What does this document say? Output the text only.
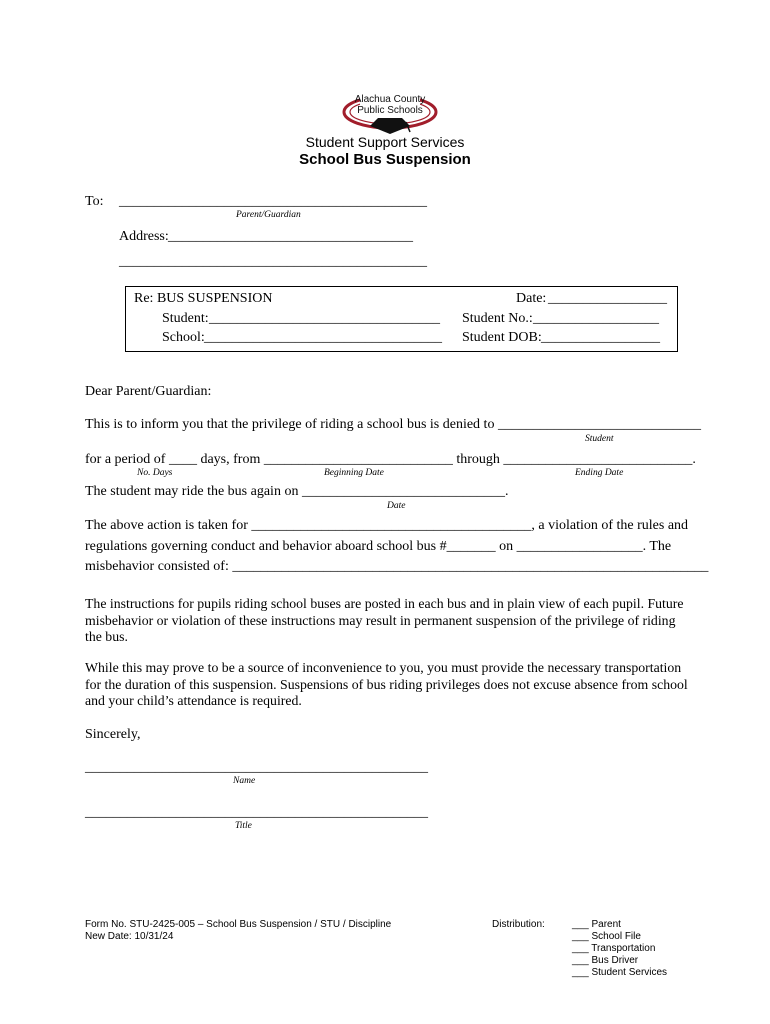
Alachua County
Public Schools
Student Support Services
School Bus Suspension
To: ____________________________________________
Parent/Guardian
Address: ___________________________________
____________________________________________
Re: BUS SUSPENSION	Date: _________________
Student: _________________________________ Student No.: __________________
School: __________________________________ Student DOB: _________________
Dear Parent/Guardian:
This is to inform you that the privilege of riding a school bus is denied to _____________________________
Student
for a period of ____ days, from ___________________________ through ___________________________.
No. Days	Beginning Date	Ending Date
The student may ride the bus again on _____________________________.
Date
The above action is taken for ________________________________________, a violation of the rules and
regulations governing conduct and behavior aboard school bus #_______ on __________________. The
misbehavior consisted of: ____________________________________________________________________
The instructions for pupils riding school buses are posted in each bus and in plain view of each pupil. Future misbehavior or violation of these instructions may result in permanent suspension of the privilege of riding the bus.
While this may prove to be a source of inconvenience to you, you must provide the necessary transportation for the duration of this suspension. Suspensions of bus riding privileges does not excuse absence from school and your child’s attendance is required.
Sincerely,
_________________________________________________
Name
_________________________________________________
Title
Form No. STU-2425-005 – School Bus Suspension / STU / Discipline
New Date: 10/31/24
Distribution:	___ Parent
___ School File
___ Transportation
___ Bus Driver
___ Student Services
